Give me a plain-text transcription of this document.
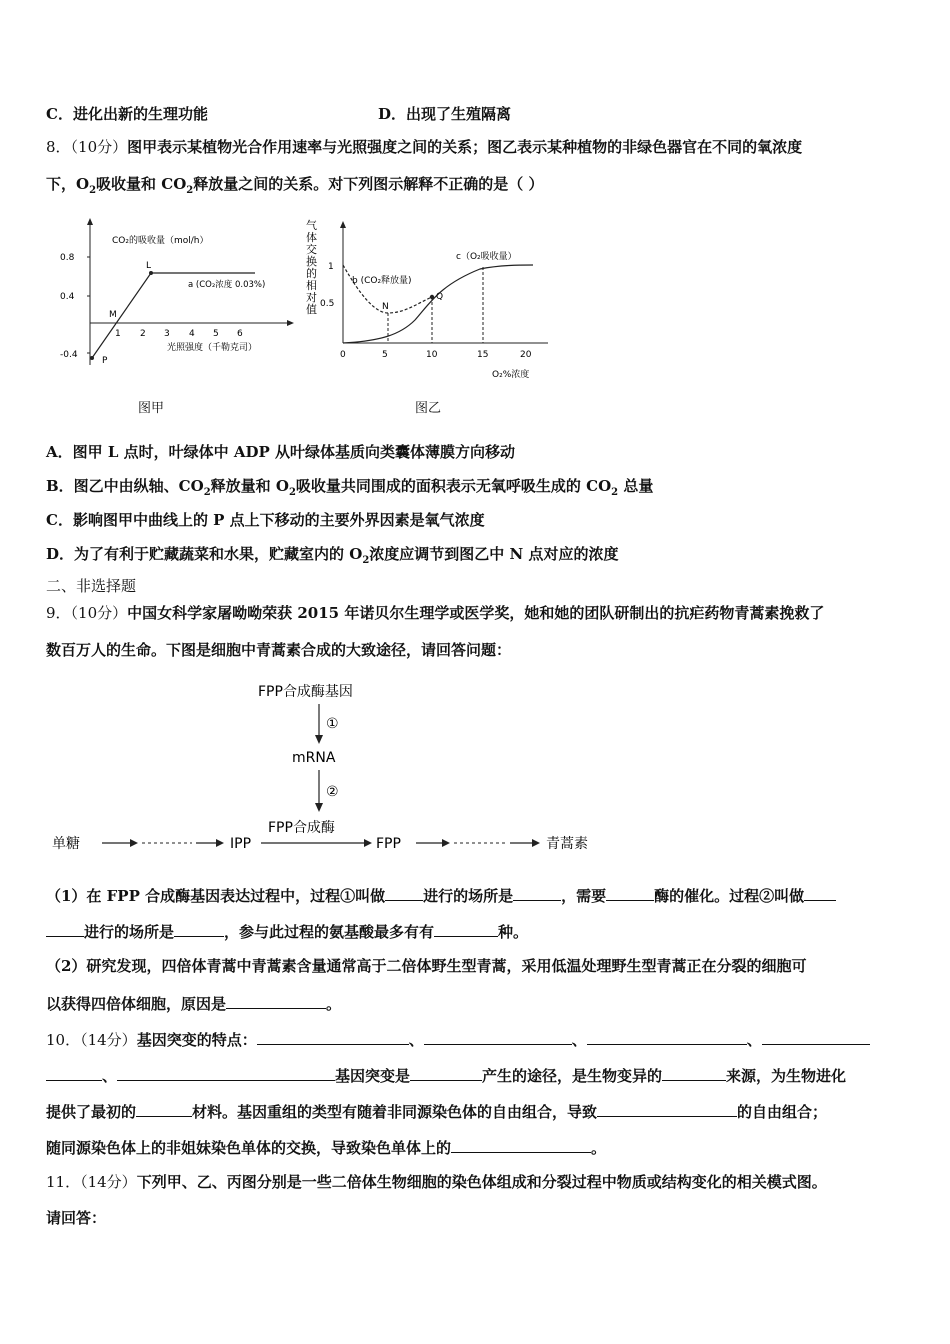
C．进化出新的生理功能	D．出现了生殖隔离
8．（10分）图甲表示某植物光合作用速率与光照强度之间的关系；图乙表示某种植物的非绿色器官在不同的氧浓度
下，$O_2$吸收量和 $CO_2$释放量之间的关系。对下列图示解释不正确的是（ ）
CO₂的吸收量（mol/h）
0.8
0.4
-0.4
1 2 3 4 5 6
光照强度（千勒克司）
L
M
P
a (CO₂浓度 0.03%)
图甲
气
体
交
换
的
相
对
值
1
0.5
0	5	10	15	20
O₂%浓度
b (CO₂释放量)
c（O₂吸收量）
N
Q
图乙
A．图甲 L 点时，叶绿体中 ADP 从叶绿体基质向类囊体薄膜方向移动
B．图乙中由纵轴、$CO_2$释放量和 $O_2$吸收量共同围成的面积表示无氧呼吸生成的 $CO_2$ 总量
C．影响图甲中曲线上的 P 点上下移动的主要外界因素是氧气浓度
D．为了有利于贮藏蔬菜和水果，贮藏室内的 $O_2$浓度应调节到图乙中 N 点对应的浓度
二、非选择题
9．（10分）中国女科学家屠呦呦荣获 2015 年诺贝尔生理学或医学奖，她和她的团队研制出的抗疟药物青蒿素挽救了
数百万人的生命。下图是细胞中青蒿素合成的大致途径，请回答问题：
FPP合成酶基因
①
mRNA
②
FPP合成酶
单糖	IPP	FPP	青蒿素
（1）在 FPP 合成酶基因表达过程中，过程①叫做	进行的场所是	，需要	酶的催化。过程②叫做
进行的场所是	，参与此过程的氨基酸最多有有	种。
（2）研究发现，四倍体青蒿中青蒿素含量通常高于二倍体野生型青蒿，采用低温处理野生型青蒿正在分裂的细胞可
以获得四倍体细胞，原因是	。
10．（14分）基因突变的特点：	、	、	、
、	基因突变是	产生的途径，是生物变异的	来源，为生物进化
提供了最初的	材料。基因重组的类型有随着非同源染色体的自由组合，导致	的自由组合；
随同源染色体上的非姐妹染色单体的交换，导致染色单体上的	。
11．（14分）下列甲、乙、丙图分别是一些二倍体生物细胞的染色体组成和分裂过程中物质或结构变化的相关模式图。
请回答：
